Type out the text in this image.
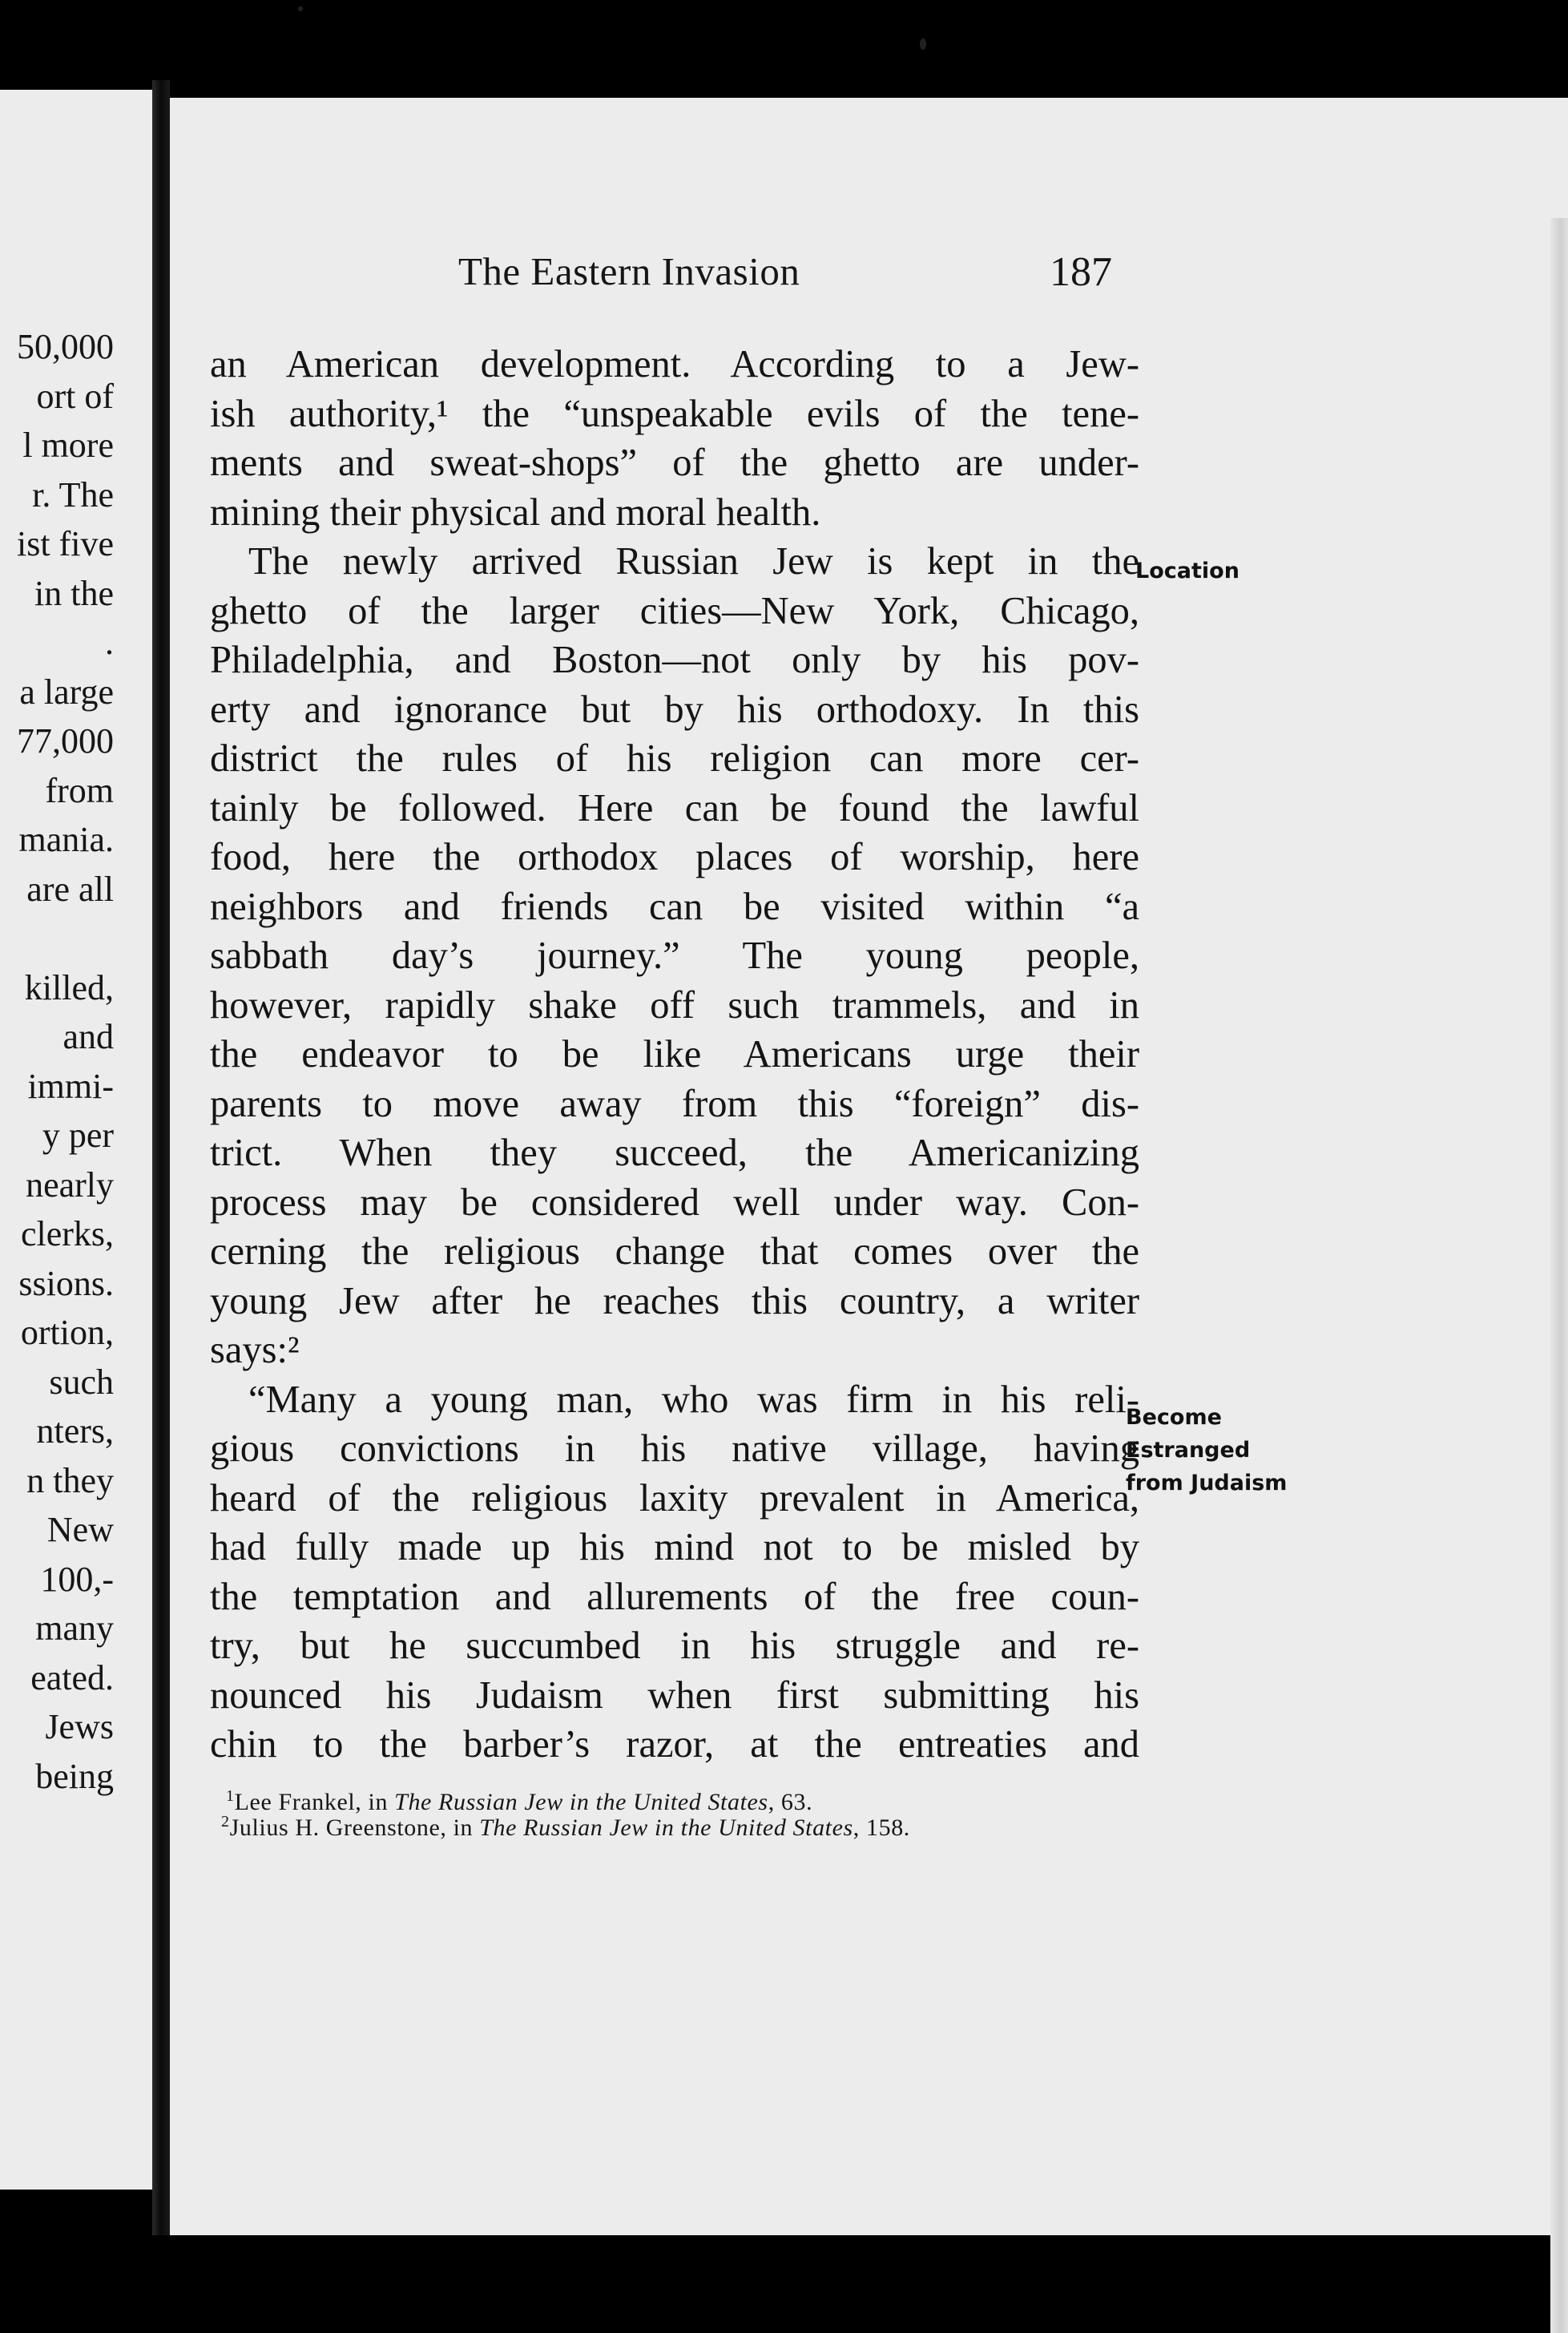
50,000
ort of
l more
r. The
ist five
in the
.
a large
77,000
from
mania.
are all
killed,
and
immi-
y per
nearly
clerks,
ssions.
ortion,
such
nters,
n they
New
100,-
many
eated.
Jews
being
The Eastern Invasion	187
an American development. According to a Jew-
ish authority,¹ the “unspeakable evils of the tene-
ments and sweat-shops” of the ghetto are under-
mining their physical and moral health.
The newly arrived Russian Jew is kept in the
ghetto of the larger cities—New York, Chicago,
Philadelphia, and Boston—not only by his pov-
erty and ignorance but by his orthodoxy. In this
district the rules of his religion can more cer-
tainly be followed. Here can be found the lawful
food, here the orthodox places of worship, here
neighbors and friends can be visited within “a
sabbath day’s journey.” The young people,
however, rapidly shake off such trammels, and in
the endeavor to be like Americans urge their
parents to move away from this “foreign” dis-
trict. When they succeed, the Americanizing
process may be considered well under way. Con-
cerning the religious change that comes over the
young Jew after he reaches this country, a writer
says:²
“Many a young man, who was firm in his reli-
gious convictions in his native village, having
heard of the religious laxity prevalent in America,
had fully made up his mind not to be misled by
the temptation and allurements of the free coun-
try, but he succumbed in his struggle and re-
nounced his Judaism when first submitting his
chin to the barber’s razor, at the entreaties and
$^1$Lee Frankel, in The Russian Jew in the United States, 63.
$^2$Julius H. Greenstone, in The Russian Jew in the United States, 158.
Location
Become
Estranged
from Judaism
